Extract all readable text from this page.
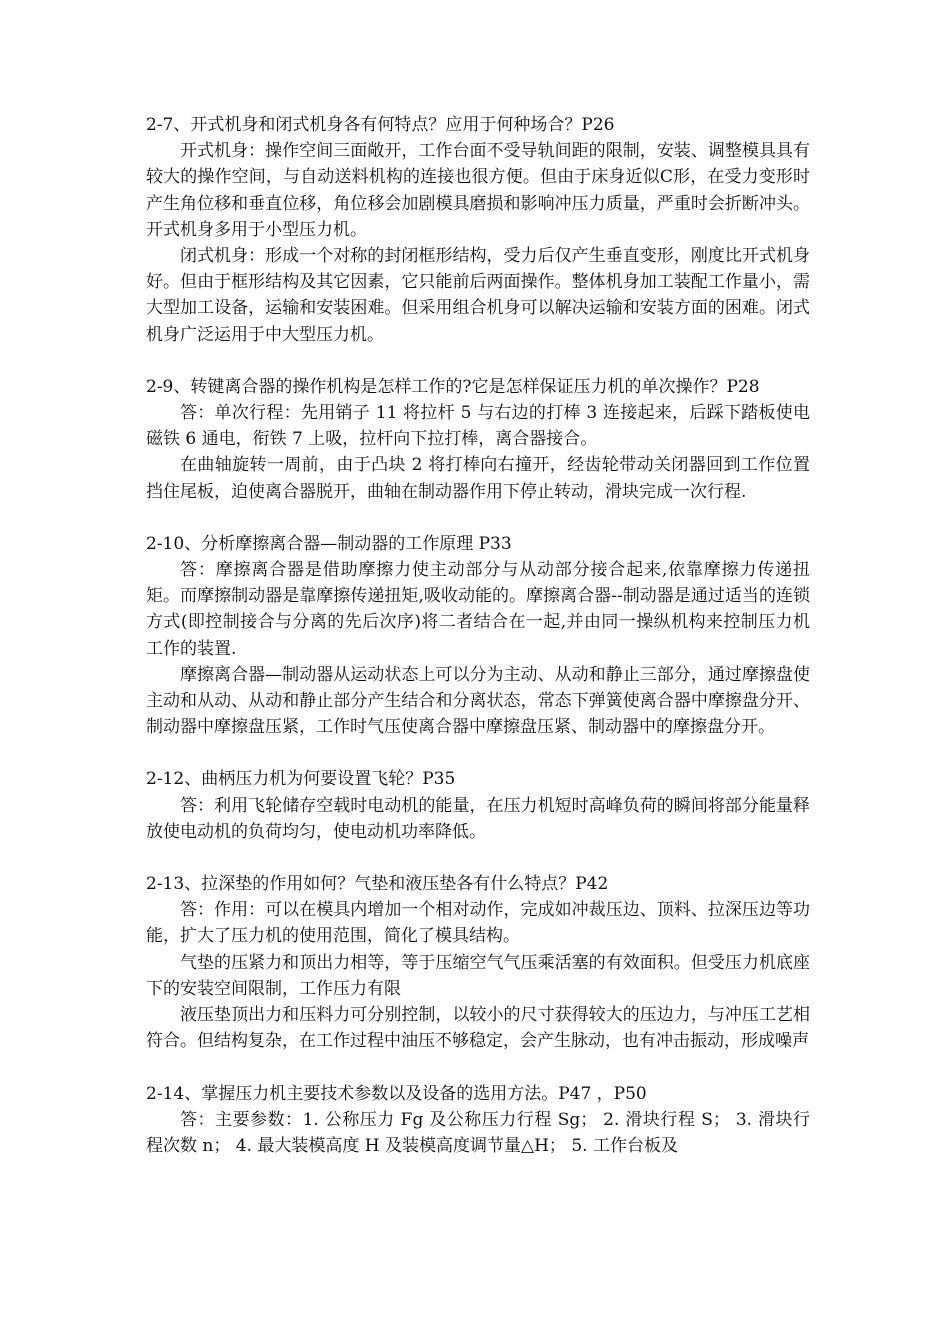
2-7、开式机身和闭式机身各有何特点？应用于何种场合？P26

开式机身：操作空间三面敞开，工作台面不受导轨间距的限制，安装、调整模具具有较大的操作空间，与自动送料机构的连接也很方便。但由于床身近似C形，在受力变形时产生角位移和垂直位移，角位移会加剧模具磨损和影响冲压力质量，严重时会折断冲头。开式机身多用于小型压力机。

闭式机身：形成一个对称的封闭框形结构，受力后仅产生垂直变形，刚度比开式机身好。但由于框形结构及其它因素，它只能前后两面操作。整体机身加工装配工作量小，需大型加工设备，运输和安装困难。但采用组合机身可以解决运输和安装方面的困难。闭式机身广泛运用于中大型压力机。

2-9、转键离合器的操作机构是怎样工作的?它是怎样保证压力机的单次操作？P28

答：单次行程：先用销子 11 将拉杆 5 与右边的打棒 3 连接起来，后踩下踏板使电磁铁 6 通电，衔铁 7 上吸，拉杆向下拉打棒，离合器接合。

在曲轴旋转一周前，由于凸块 2 将打棒向右撞开，经齿轮带动关闭器回到工作位置挡住尾板，迫使离合器脱开，曲轴在制动器作用下停止转动，滑块完成一次行程.

2-10、分析摩擦离合器—制动器的工作原理 P33

答：摩擦离合器是借助摩擦力使主动部分与从动部分接合起来,依靠摩擦力传递扭矩。而摩擦制动器是靠摩擦传递扭矩,吸收动能的。摩擦离合器--制动器是通过适当的连锁方式(即控制接合与分离的先后次序)将二者结合在一起,并由同一操纵机构来控制压力机工作的装置.

摩擦离合器—制动器从运动状态上可以分为主动、从动和静止三部分，通过摩擦盘使主动和从动、从动和静止部分产生结合和分离状态，常态下弹簧使离合器中摩擦盘分开、制动器中摩擦盘压紧，工作时气压使离合器中摩擦盘压紧、制动器中的摩擦盘分开。

2-12、曲柄压力机为何要设置飞轮？P35

答：利用飞轮储存空载时电动机的能量，在压力机短时高峰负荷的瞬间将部分能量释放使电动机的负荷均匀，使电动机功率降低。

2-13、拉深垫的作用如何？气垫和液压垫各有什么特点？P42

答：作用：可以在模具内增加一个相对动作，完成如冲裁压边、顶料、拉深压边等功能，扩大了压力机的使用范围，简化了模具结构。

气垫的压紧力和顶出力相等，等于压缩空气气压乘活塞的有效面积。但受压力机底座下的安装空间限制，工作压力有限

液压垫顶出力和压料力可分别控制，以较小的尺寸获得较大的压边力，与冲压工艺相符合。但结构复杂，在工作过程中油压不够稳定，会产生脉动，也有冲击振动，形成噪声

2-14、掌握压力机主要技术参数以及设备的选用方法。P47 ，P50

答：主要参数：1. 公称压力 Fg 及公称压力行程 Sg； 2. 滑块行程 S； 3. 滑块行程次数 n； 4. 最大装模高度 H 及装模高度调节量△H； 5. 工作台板及
